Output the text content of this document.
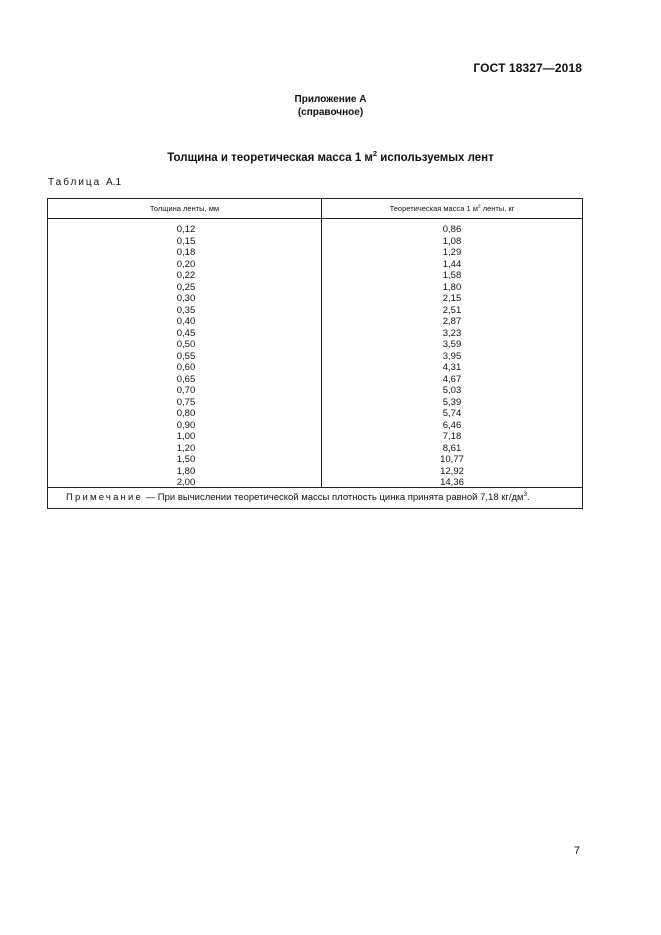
ГОСТ 18327—2018
Приложение А
(справочное)
Толщина и теоретическая масса 1 $м^2$ используемых лент
Таблица А.1
Толщина ленты, мм	Теоретическая масса 1 $м^2$ ленты, кг
0,12	0,86
0,15	1,08
0,18	1,29
0,20	1,44
0,22	1,58
0,25	1,80
0,30	2,15
0,35	2,51
0,40	2,87
0,45	3,23
0,50	3,59
0,55	3,95
0,60	4,31
0,65	4,67
0,70	5,03
0,75	5,39
0,80	5,74
0,90	6,46
1,00	7,18
1,20	8,61
1,50	10,77
1,80	12,92
2,00	14,36
Примечание — При вычислении теоретической массы плотность цинка принята равной 7,18 $кг/дм^3$.
7
